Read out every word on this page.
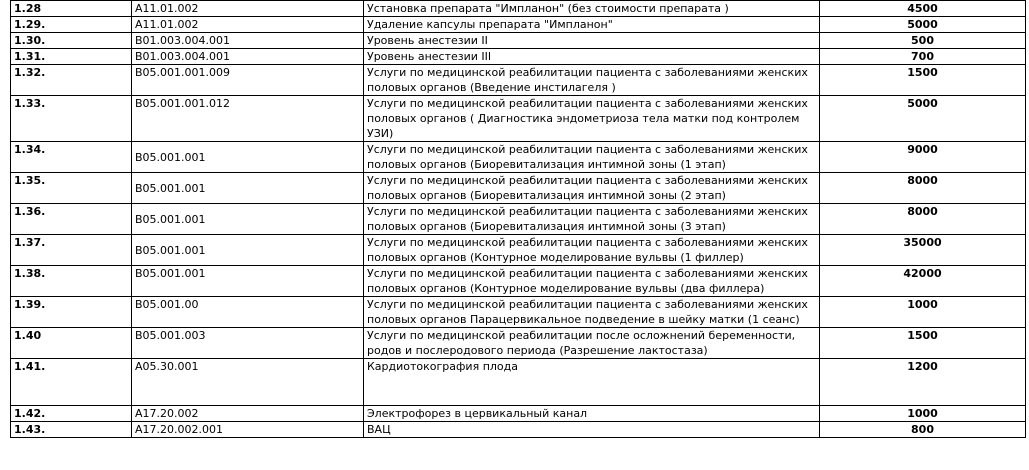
1.28	A11.01.002	Установка препарата "Импланон" (без стоимости препарата )	4500	
1.29.	A11.01.002	Удаление капсулы препарата "Импланон"	5000	
1.30.	B01.003.004.001	Уровень анестезии II	500	
1.31.	B01.003.004.001	Уровень анестезии III	700	
1.32.	B05.001.001.009	Услуги по медицинской реабилитации пациента с заболеваниями женских половых органов (Введение инстилагеля )	1500	
1.33.	B05.001.001.012	Услуги по медицинской реабилитации пациента с заболеваниями женских половых органов ( Диагностика эндометриоза тела матки под контролем УЗИ)	5000	
1.34.	B05.001.001	Услуги по медицинской реабилитации пациента с заболеваниями женских половых органов (Биоревитализация интимной зоны (1 этап)	9000	
1.35.	B05.001.001	Услуги по медицинской реабилитации пациента с заболеваниями женских половых органов (Биоревитализация интимной зоны (2 этап)	8000	
1.36.	B05.001.001	Услуги по медицинской реабилитации пациента с заболеваниями женских половых органов (Биоревитализация интимной зоны (3 этап)	8000	
1.37.	B05.001.001	Услуги по медицинской реабилитации пациента с заболеваниями женских половых органов (Контурное моделирование вульвы (1 филлер)	35000	
1.38.	B05.001.001	Услуги по медицинской реабилитации пациента с заболеваниями женских половых органов (Контурное моделирование вульвы (два филлера)	42000	
1.39.	B05.001.00	Услуги по медицинской реабилитации пациента с заболеваниями женских половых органов Парацервикальное подведение в шейку матки (1 сеанс)	1000	
1.40	B05.001.003	Услуги по медицинской реабилитации после осложнений беременности, родов и послеродового периода (Разрешение лактостаза)	1500	
1.41.	A05.30.001	Кардиотокография плода	1200	
1.42.	A17.20.002	Электрофорез в цервикальный канал	1000	
1.43.	A17.20.002.001	ВАЦ	800	
